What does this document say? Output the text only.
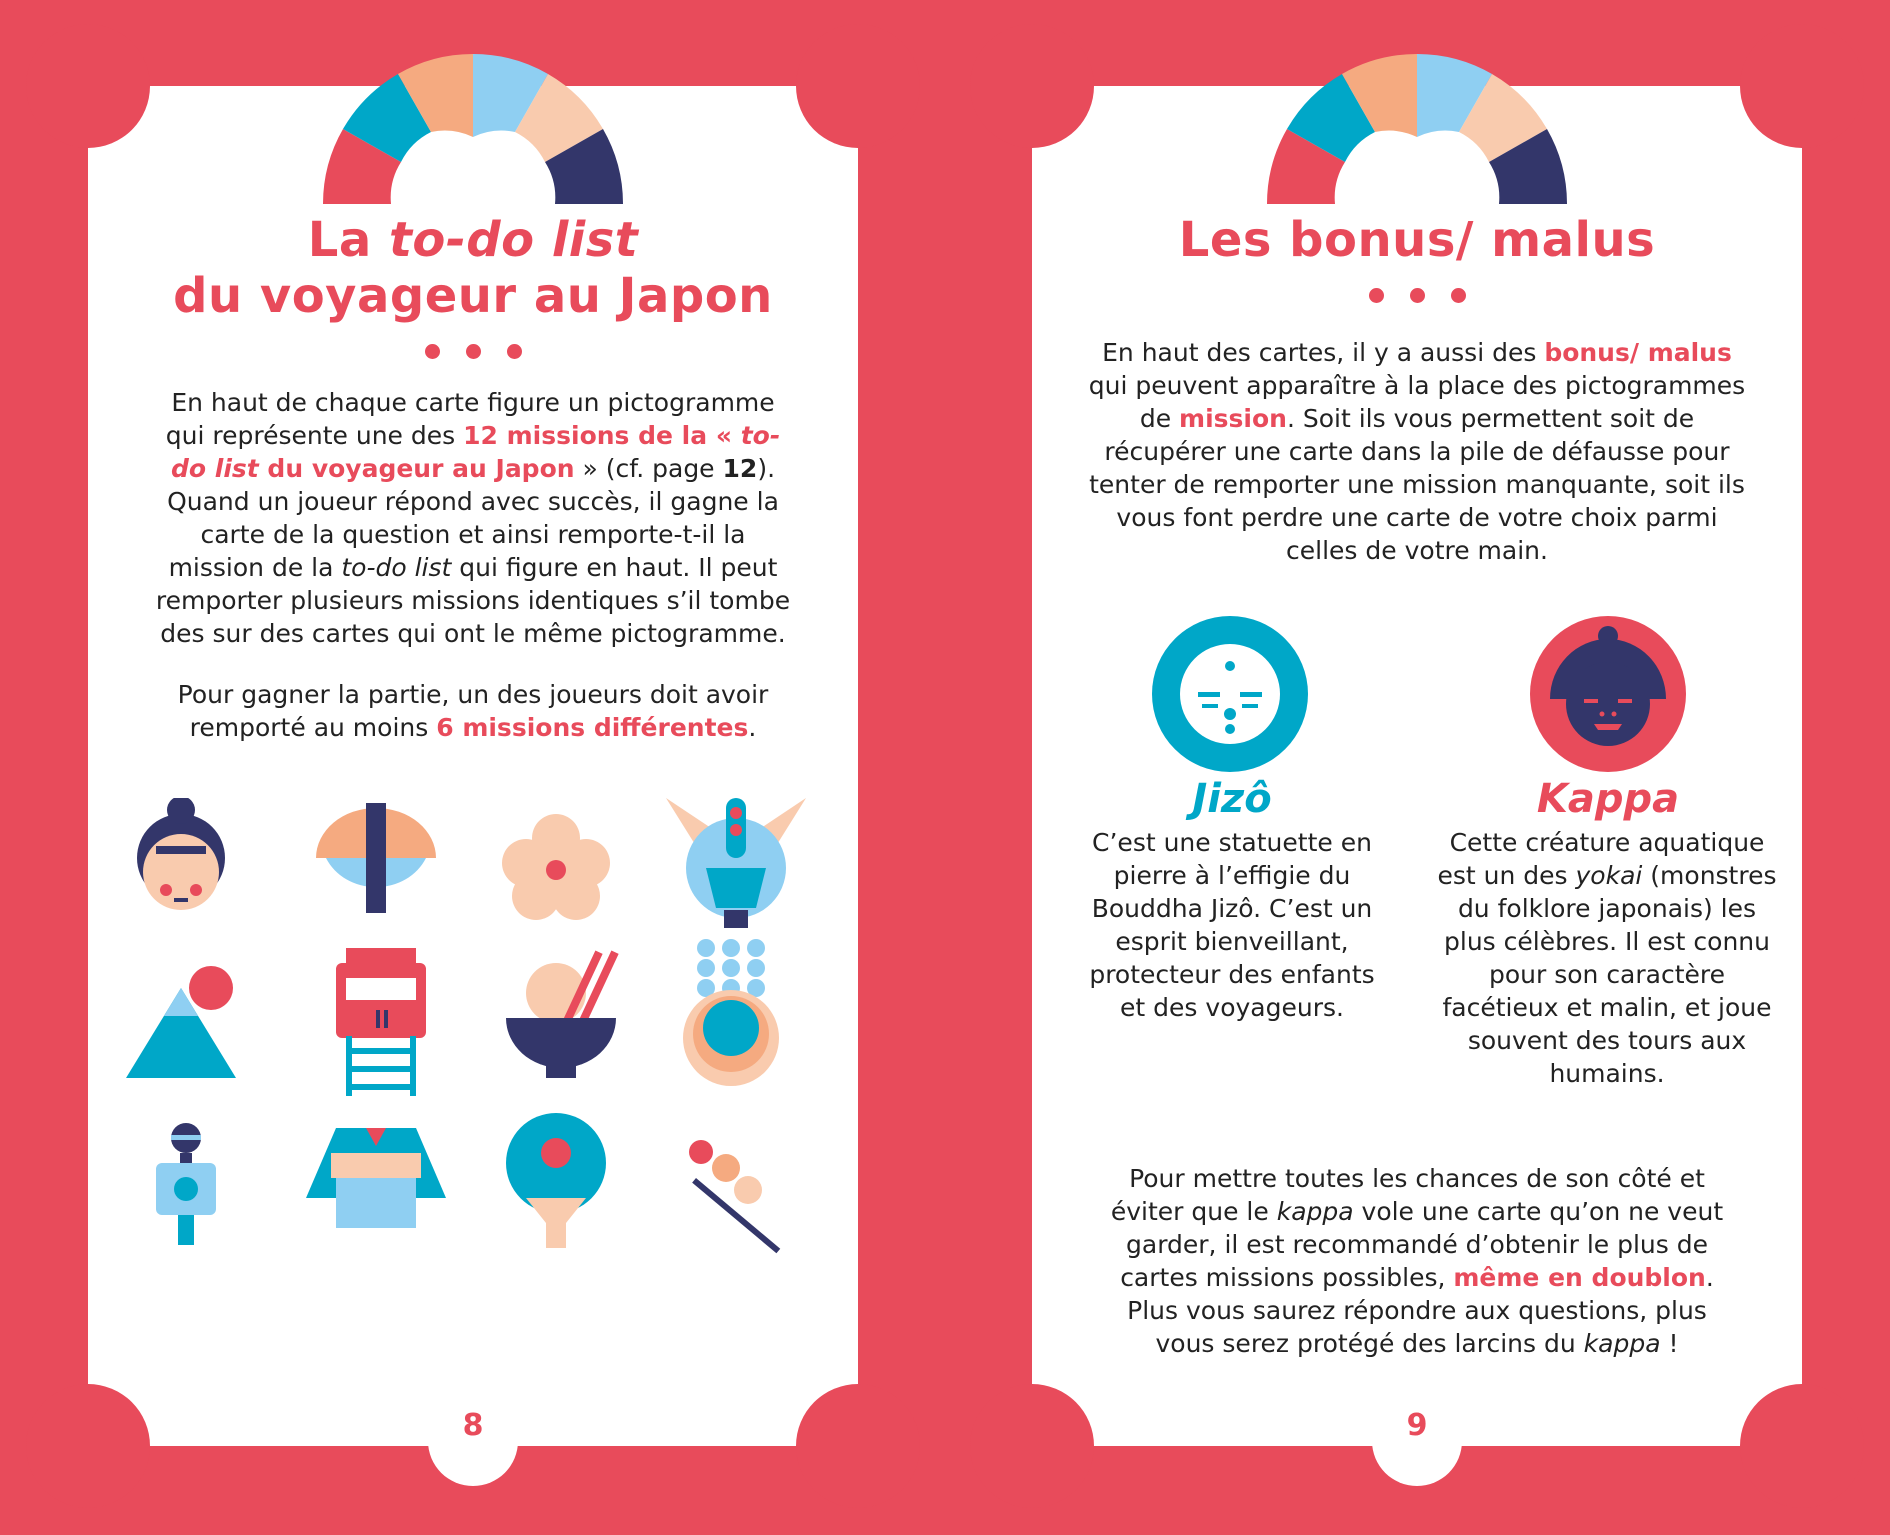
La to-do list
du voyageur au Japon
En haut de chaque carte figure un pictogramme qui représente une des 12 missions de la « to-do list du voyageur au Japon » (cf. page 12). Quand un joueur répond avec succès, il gagne la carte de la question et ainsi remporte-t-il la mission de la to-do list qui figure en haut. Il peut remporter plusieurs missions identiques s’il tombe des sur des cartes qui ont le même pictogramme.
Pour gagner la partie, un des joueurs doit avoir remporté au moins 6 missions différentes.
8
Les bonus/ malus
En haut des cartes, il y a aussi des bonus/ malus qui peuvent apparaître à la place des pictogrammes de mission. Soit ils vous permettent soit de récupérer une carte dans la pile de défausse pour tenter de remporter une mission manquante, soit ils vous font perdre une carte de votre choix parmi celles de votre main.
Jizô
C’est une statuette en pierre à l’effigie du Bouddha Jizô. C’est un esprit bienveillant, protecteur des enfants et des voyageurs.
Kappa
Cette créature aquatique est un des yokai (monstres du folklore japonais) les plus célèbres. Il est connu pour son caractère facétieux et malin, et joue souvent des tours aux humains.
Pour mettre toutes les chances de son côté et éviter que le kappa vole une carte qu’on ne veut garder, il est recommandé d’obtenir le plus de cartes missions possibles, même en doublon. Plus vous saurez répondre aux questions, plus vous serez protégé des larcins du kappa !
9
